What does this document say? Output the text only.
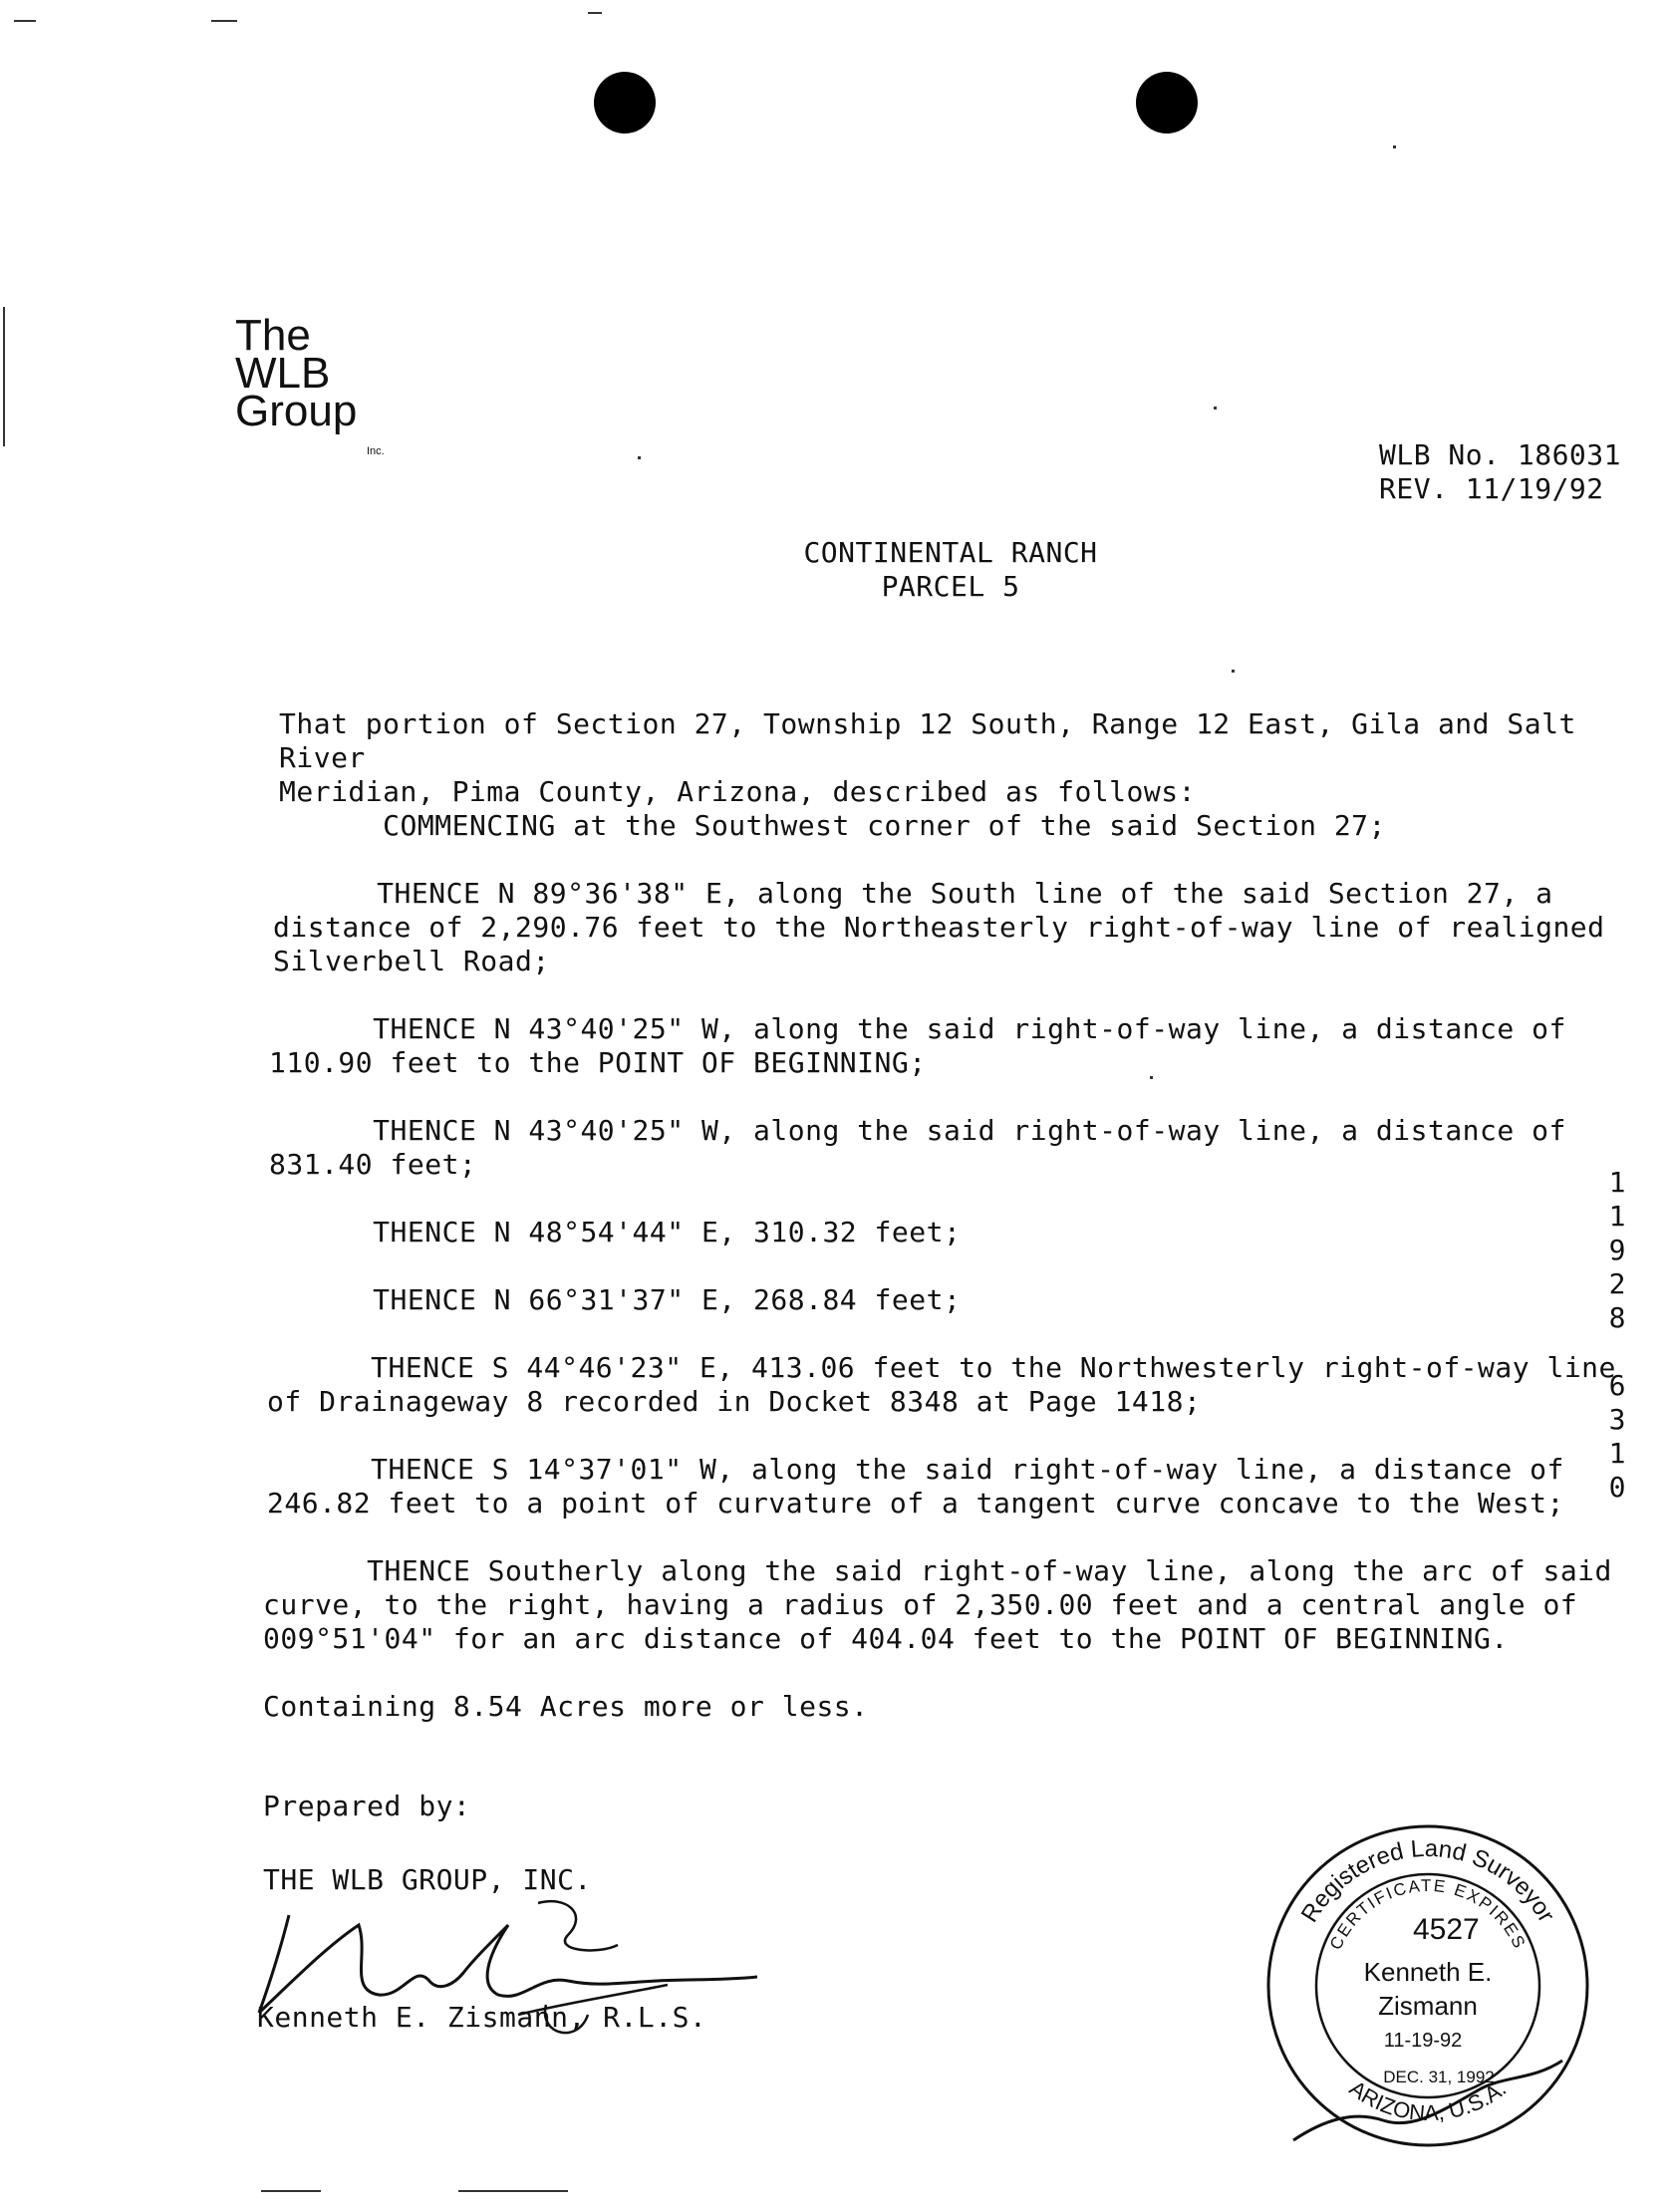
The
WLB
Group
Inc.	WLB No. 186031
REV. 11/19/92
CONTINENTAL RANCH
PARCEL 5
That portion of Section 27, Township 12 South, Range 12 East, Gila and Salt River
Meridian, Pima County, Arizona, described as follows:
COMMENCING at the Southwest corner of the said Section 27;
THENCE N 89°36'38" E, along the South line of the said Section 27, a
distance of 2,290.76 feet to the Northeasterly right-of-way line of realigned
Silverbell Road;
THENCE N 43°40'25" W, along the said right-of-way line, a distance of
110.90 feet to the POINT OF BEGINNING;
THENCE N 43°40'25" W, along the said right-of-way line, a distance of
831.40 feet;
THENCE N 48°54'44" E, 310.32 feet;
THENCE N 66°31'37" E, 268.84 feet;
THENCE S 44°46'23" E, 413.06 feet to the Northwesterly right-of-way line
of Drainageway 8 recorded in Docket 8348 at Page 1418;
THENCE S 14°37'01" W, along the said right-of-way line, a distance of
246.82 feet to a point of curvature of a tangent curve concave to the West;
THENCE Southerly along the said right-of-way line, along the arc of said
curve, to the right, having a radius of 2,350.00 feet and a central angle of
009°51'04" for an arc distance of 404.04 feet to the POINT OF BEGINNING.
Containing 8.54 Acres more or less.
Prepared by:
THE WLB GROUP, INC.
Kenneth E. Zismann, R.L.S.
1
1
9
2
8
6
3
1
0
Registered Land Surveyor
CERTIFICATE EXPIRES
4527
Kenneth E.
Zismann
11-19-92
DEC. 31, 1992
ARIZONA, U.S.A.
